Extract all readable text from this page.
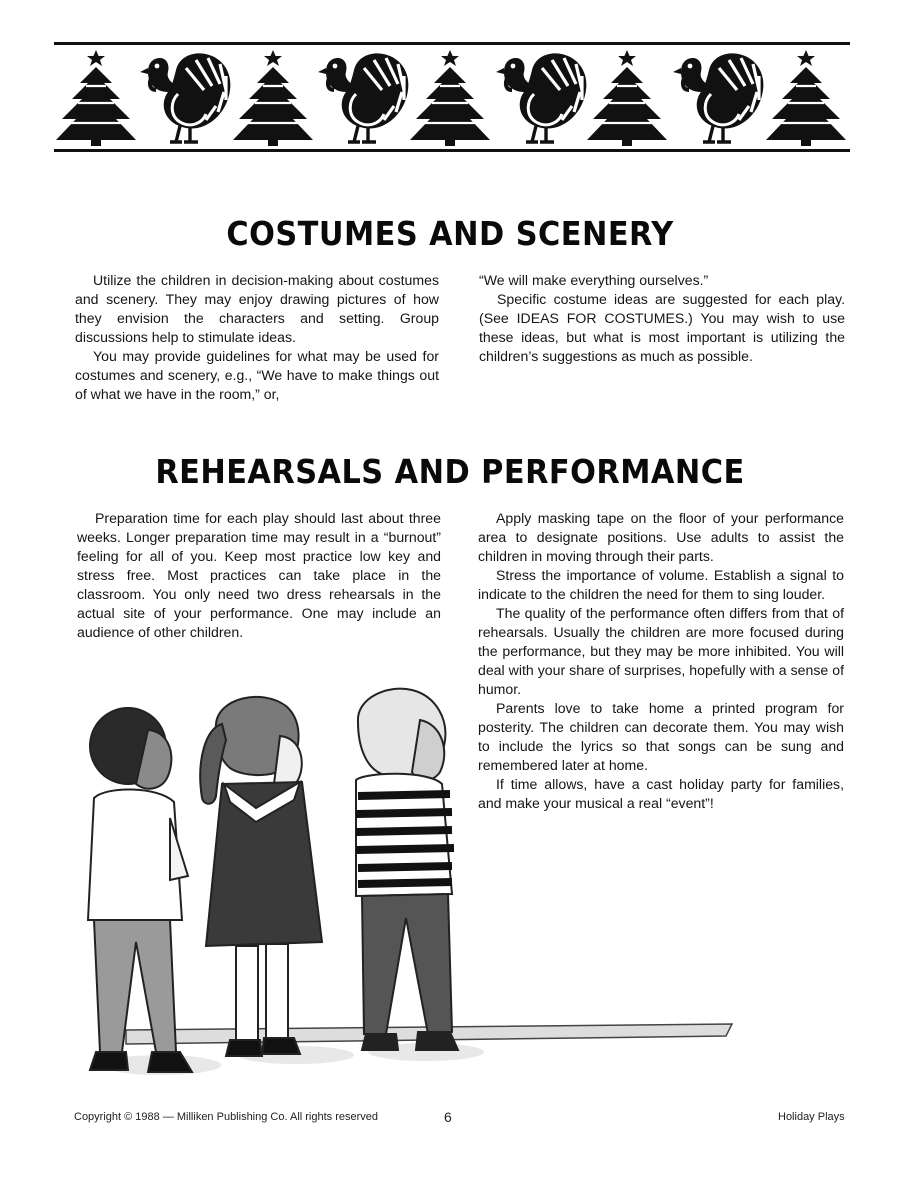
COSTUMES AND SCENERY

Utilize the children in decision-making about costumes and scenery. They may enjoy drawing pictures of how they envision the characters and setting. Group discussions help to stimulate ideas.

You may provide guidelines for what may be used for costumes and scenery, e.g., “We have to make things out of what we have in the room,” or,

“We will make everything ourselves.”

Specific costume ideas are suggested for each play. (See IDEAS FOR COSTUMES.) You may wish to use these ideas, but what is most important is utilizing the children’s suggestions as much as possible.

REHEARSALS AND PERFORMANCE

Preparation time for each play should last about three weeks. Longer preparation time may result in a “burnout” feeling for all of you. Keep most practice low key and stress free. Most practices can take place in the classroom. You only need two dress rehearsals in the actual site of your performance. One may include an audience of other children.

Apply masking tape on the floor of your performance area to designate positions. Use adults to assist the children in moving through their parts.

Stress the importance of volume. Establish a signal to indicate to the children the need for them to sing louder.

The quality of the performance often differs from that of rehearsals. Usually the children are more focused during the performance, but they may be more inhibited. You will deal with your share of surprises, hopefully with a sense of humor.

Parents love to take home a printed program for posterity. The children can decorate them. You may wish to include the lyrics so that songs can be sung and remembered later at home.

If time allows, have a cast holiday party for families, and make your musical a real “event”!

Copyright © 1988 — Milliken Publishing Co. All rights reserved	6	Holiday Plays
